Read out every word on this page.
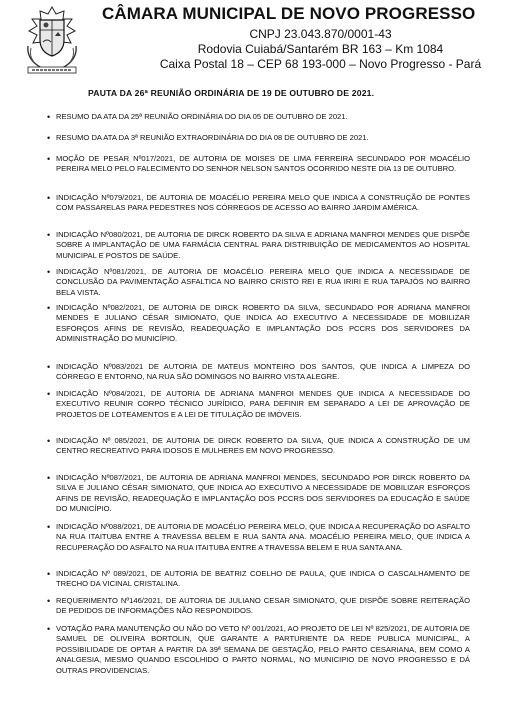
CÂMARA MUNICIPAL DE NOVO PROGRESSO
CNPJ 23.043.870/0001-43
Rodovia Cuiabá/Santarém BR 163 – Km 1084
Caixa Postal 18 – CEP 68 193-000 – Novo Progresso - Pará
PAUTA DA 26ª REUNIÃO ORDINÁRIA DE 19 DE OUTUBRO DE 2021.
• RESUMO DA ATA DA 25ª REUNIÃO ORDINÁRIA DO DIA 05 DE OUTUBRO DE 2021.
• RESUMO DA ATA DA 3ª REUNIÃO EXTRAORDINÁRIA DO DIA 08 DE OUTUBRO DE 2021.
• MOÇÃO DE PESAR Nº017/2021, DE AUTORIA DE MOISES DE LIMA FERREIRA SECUNDADO POR MOACÉLIO PEREIRA MELO PELO FALECIMENTO DO SENHOR NELSON SANTOS OCORRIDO NESTE DIA 13 DE OUTUBRO.
• INDICAÇÃO Nº079/2021, DE AUTORIA DE MOACÉLIO PEREIRA MELO QUE INDICA A CONSTRUÇÃO DE PONTES COM PASSARELAS PARA PEDESTRES NOS CÓRREGOS DE ACESSO AO BAIRRO JARDIM AMÉRICA.
• INDICAÇÃO Nº080/2021, DE AUTORIA DE DIRCK ROBERTO DA SILVA E ADRIANA MANFROI MENDES QUE DISPÕE SOBRE A IMPLANTAÇÃO DE UMA FARMÁCIA CENTRAL PARA DISTRIBUIÇÃO DE MEDICAMENTOS AO HOSPITAL MUNICIPAL E POSTOS DE SAÚDE.
• INDICAÇÃO Nº081/2021, DE AUTORIA DE MOACÉLIO PEREIRA MELO QUE INDICA A NECESSIDADE DE CONCLUSÃO DA PAVIMENTAÇÃO ASFALTICA NO BAIRRO CRISTO REI E RUA IRIRI E RUA TAPAJÓS NO BAIRRO BELA VISTA.
• INDICAÇÃO Nº082/2021, DE AUTORIA DE DIRCK ROBERTO DA SILVA, SECUNDADO POR ADRIANA MANFROI MENDES E JULIANO CÉSAR SIMIONATO, QUE INDICA AO EXECUTIVO A NECESSIDADE DE MOBILIZAR ESFORÇOS AFINS DE REVISÃO, READEQUAÇÃO E IMPLANTAÇÃO DOS PCCRS DOS SERVIDORES DA ADMINISTRAÇÃO DO MUNICÍPIO.
• INDICAÇÃO Nº083/2021 DE AUTORIA DE MATEUS MONTEIRO DOS SANTOS, QUE INDICA A LIMPEZA DO CÓRREGO E ENTORNO, NA RUA SÃO DOMINGOS NO BAIRRO VISTA ALEGRE.
• INDICAÇÃO Nº084/2021, DE AUTORIA DE ADRIANA MANFROI MENDES QUE INDICA A NECESSIDADE DO EXECUTIVO REUNIR CORPO TÉCNICO JURÍDICO, PARA DEFINIR EM SEPARADO A LEI DE APROVAÇÃO DE PROJETOS DE LOTEAMENTOS E A LEI DE TITULAÇÃO DE IMÓVEIS.
• INDICAÇÃO Nº 085/2021, DE AUTORIA DE DIRCK ROBERTO DA SILVA, QUE INDICA A CONSTRUÇÃO DE UM CENTRO RECREATIVO PARA IDOSOS E MULHERES EM NOVO PROGRESSO.
• INDICAÇÃO Nº087/2021, DE AUTORIA DE ADRIANA MANFROI MENDES, SECUNDADO POR DIRCK ROBERTO DA SILVA E JULIANO CÉSAR SIMIONATO, QUE INDICA AO EXECUTIVO A NECESSIDADE DE MOBILIZAR ESFORÇOS AFINS DE REVISÃO, READEQUAÇÃO E IMPLANTAÇÃO DOS PCCRS DOS SERVIDORES DA EDUCAÇÃO E SAÚDE DO MUNICÍPIO.
• INDICAÇÃO Nº088/2021, DE AUTORIA DE MOACÉLIO PEREIRA MELO, QUE INDICA A RECUPERAÇÃO DO ASFALTO NA RUA ITAITUBA ENTRE A TRAVESSA BELEM E RUA SANTA ANA. MOACÉLIO PEREIRA MELO, QUE INDICA A RECUPERAÇÃO DO ASFALTO NA RUA ITAITUBA ENTRE A TRAVESSA BELEM E RUA SANTA ANA.
• INDICAÇÃO Nº 089/2021, DE AUTORIA DE BEATRIZ COELHO DE PAULA, QUE INDICA O CASCALHAMENTO DE TRECHO DA VICINAL CRISTALINA.
• REQUERIMENTO Nº146/2021, DE AUTORIA DE JULIANO CESAR SIMIONATO, QUE DISPÕE SOBRE REITERAÇÃO DE PEDIDOS DE INFORMAÇÕES NÃO RESPONDIDOS.
• VOTAÇÃO PARA MANUTENÇÃO OU NÃO DO VETO Nº 001/2021, AO PROJETO DE LEI Nº 825/2021, DE AUTORIA DE SAMUEL DE OLIVEIRA BORTOLIN, QUE GARANTE A PARTURIENTE DA REDE PUBLICA MUNICIPAL, A POSSIBILIDADE DE OPTAR A PARTIR DA 39ª SEMANA DE GESTAÇÃO, PELO PARTO CESARIANA, BEM COMO A ANALGESIA, MESMO QUANDO ESCOLHIDO O PARTO NORMAL, NO MUNICIPIO DE NOVO PROGRESSO E DÁ OUTRAS PROVIDENCIAS.
